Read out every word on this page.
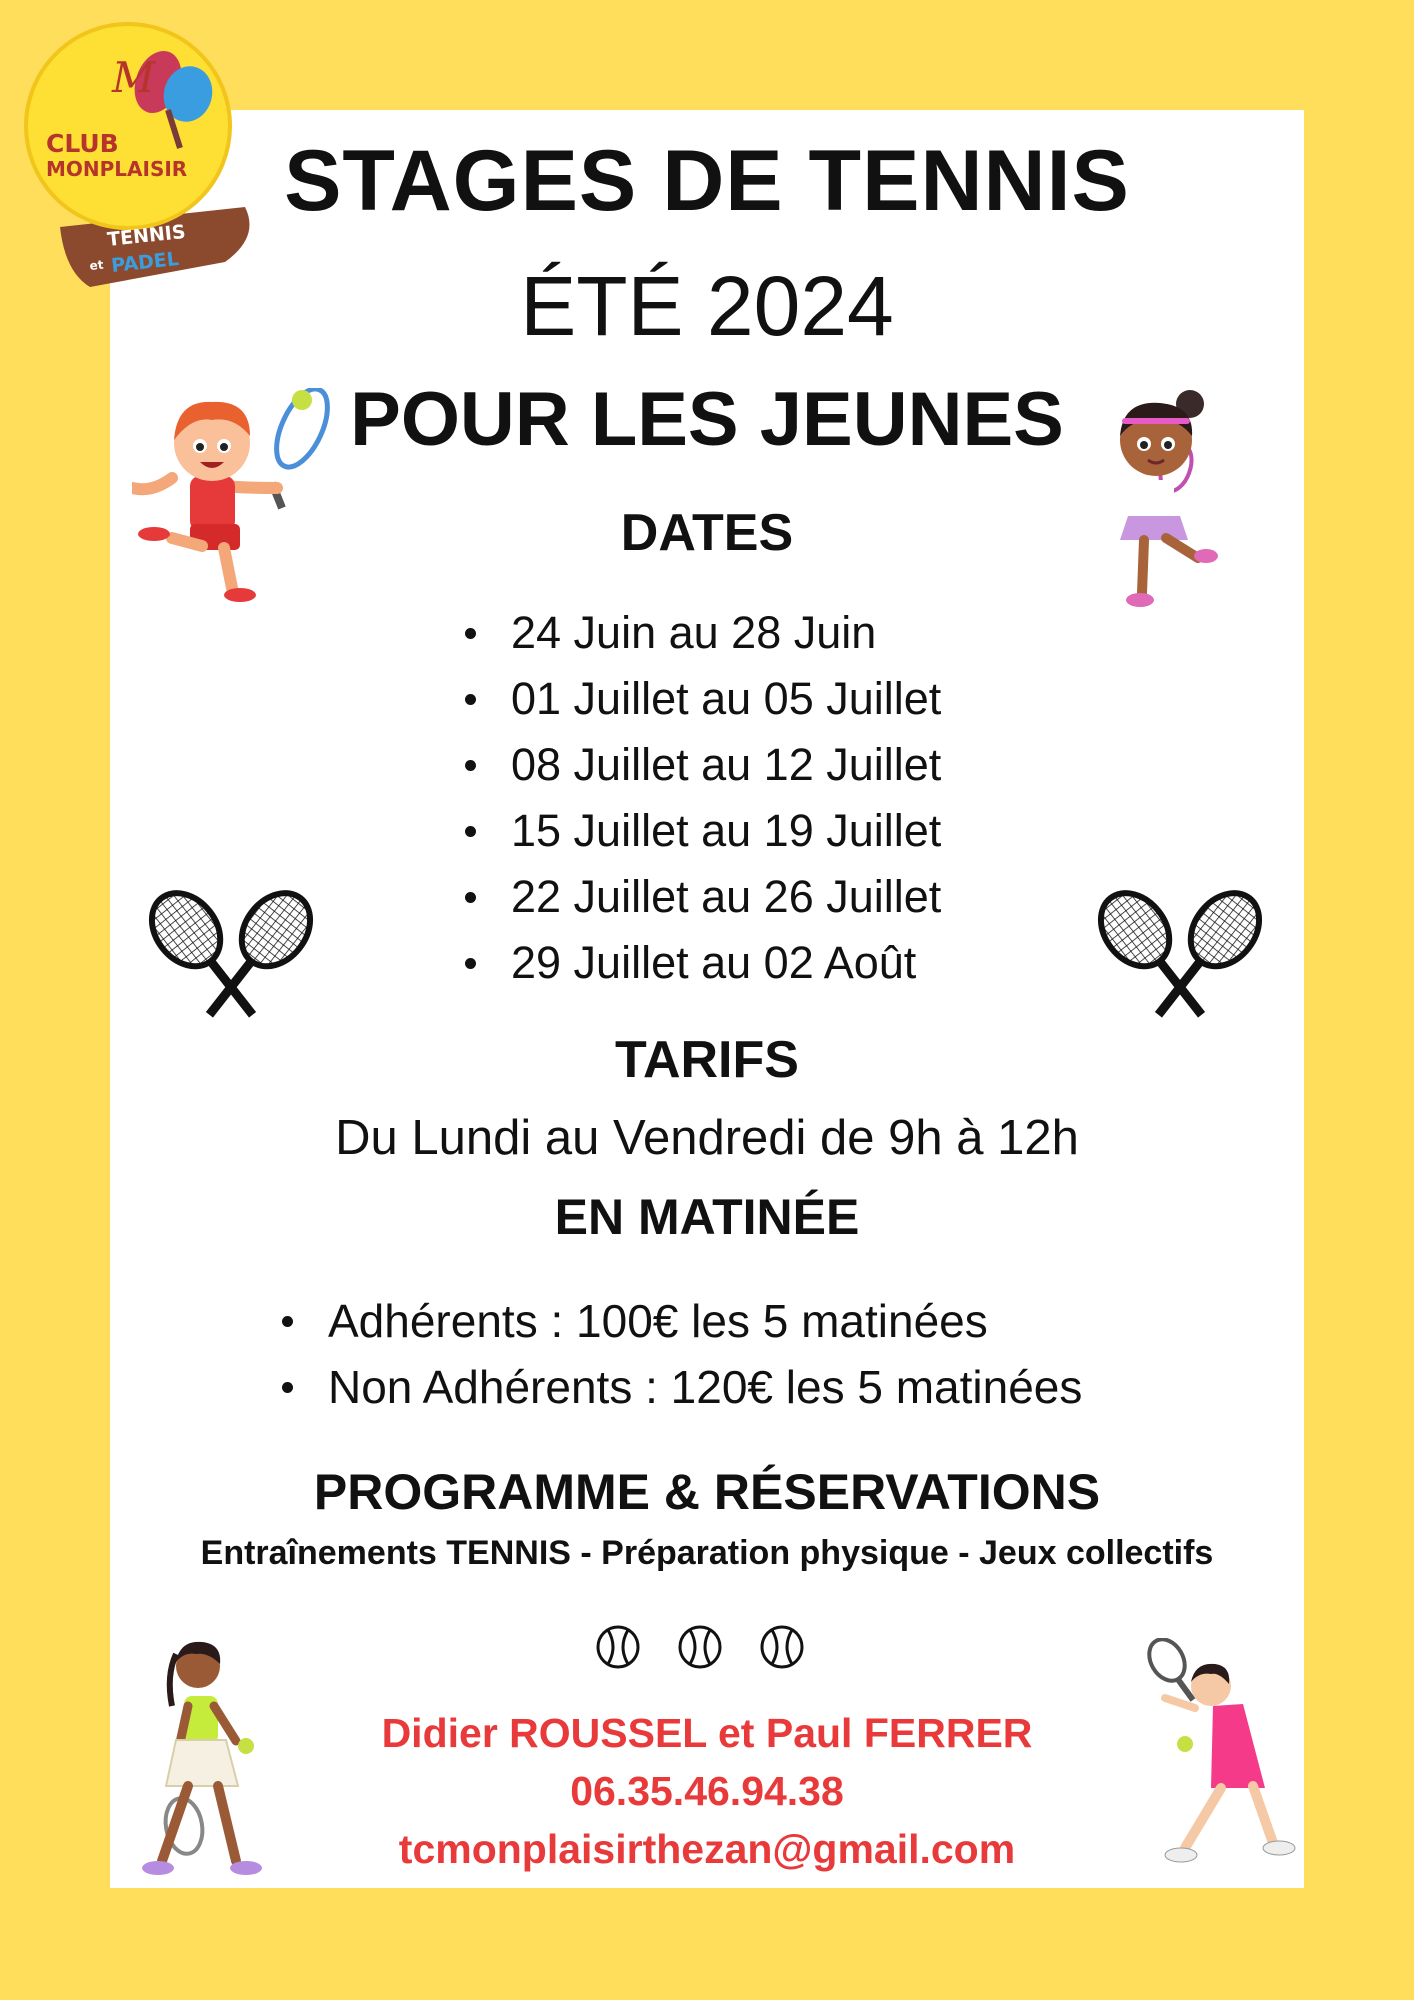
M
CLUB
MONPLAISIR
TENNIS
et PADEL
STAGES DE TENNIS
ÉTÉ 2024
POUR LES JEUNES
DATES
24 Juin au 28 Juin
01 Juillet au 05 Juillet
08 Juillet au 12 Juillet
15 Juillet au 19 Juillet
22 Juillet au 26 Juillet
29 Juillet au 02 Août
TARIFS
Du Lundi au Vendredi de 9h à 12h
EN MATINÉE
Adhérents : 100€ les 5 matinées
Non Adhérents : 120€ les 5 matinées
PROGRAMME & RÉSERVATIONS
Entraînements TENNIS - Préparation physique - Jeux collectifs
Didier ROUSSEL et Paul FERRER
06.35.46.94.38
tcmonplaisirthezan@gmail.com
